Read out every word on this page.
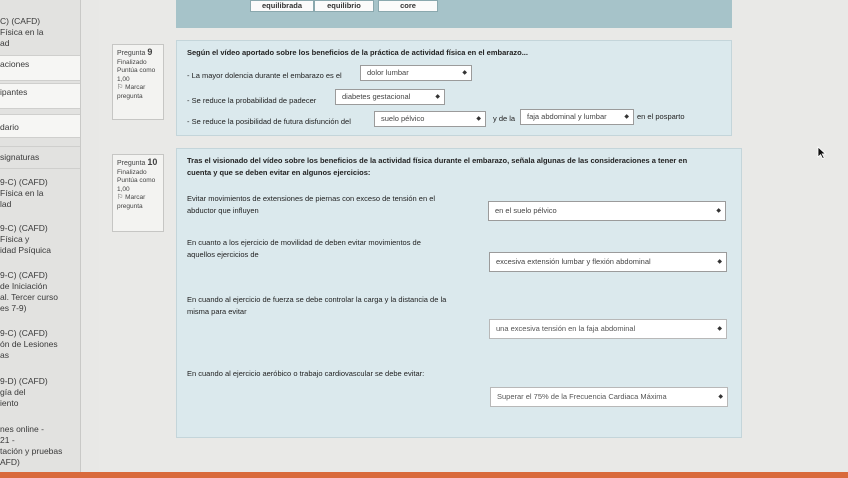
C) (CAFD)
Física en la
ad
aciones
ipantes
dario
signaturas
9-C) (CAFD)
Física en la
lad
9-C) (CAFD)
Física y
idad Psíquica
9-C) (CAFD)
de Iniciación
al. Tercer curso
es 7-9)
9-C) (CAFD)
ón de Lesiones
as
9-D) (CAFD)
gía del
iento
nes online -
21 -
tación y pruebas
AFD)
equilibrada	equilibrio	core
Pregunta 9
Finalizado
Puntúa como
1,00
⚐ Marcar
pregunta
Según el vídeo aportado sobre los beneficios de la práctica de actividad física en el embarazo...
- La mayor dolencia durante el embarazo es el	dolor lumbar	◆
- Se reduce la probabilidad de padecer	diabetes gestacional	◆
- Se reduce la posibilidad de futura disfunción del	suelo pélvico	◆ y de la	faja abdominal y lumbar	◆ en el posparto
Pregunta 10
Finalizado
Puntúa como
1,00
⚐ Marcar
pregunta
Tras el visionado del vídeo sobre los beneficios de la actividad física durante el embarazo, señala algunas de las consideraciones a tener en
cuenta y que se deben evitar en algunos ejercicios:
Evitar movimientos de extensiones de piernas con exceso de tensión en el
abductor que influyen	en el suelo pélvico	◆
En cuanto a los ejercicio de movilidad de deben evitar movimientos de
aquellos ejercicios de
excesiva extensión lumbar y flexión abdominal	◆
En cuando al ejercicio de fuerza se debe controlar la carga y la distancia de la
misma para evitar
una excesiva tensión en la faja abdominal	◆
En cuando al ejercicio aeróbico o trabajo cardiovascular se debe evitar:
Superar el 75% de la Frecuencia Cardiaca Máxima	◆
